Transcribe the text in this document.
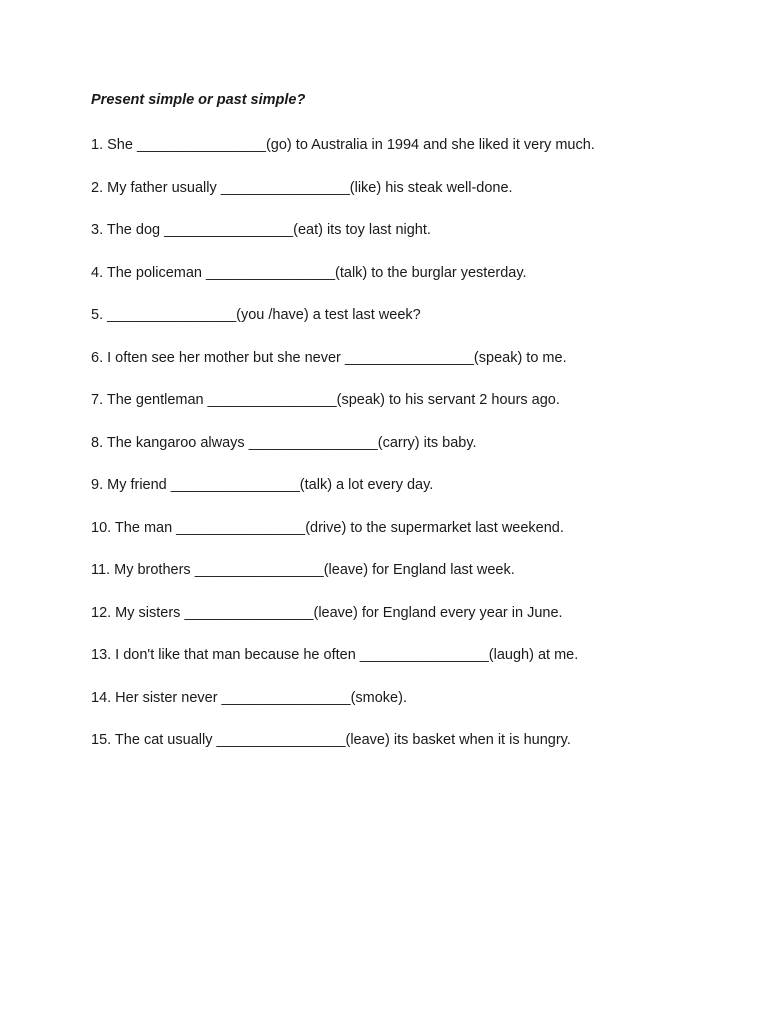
Present simple or past simple?
1. She ________________(go) to Australia in 1994 and she liked it very much.
2. My father usually ________________(like) his steak well-done.
3. The dog ________________(eat) its toy last night.
4. The policeman ________________(talk) to the burglar yesterday.
5. ________________(you /have) a test last week?
6. I often see her mother but she never ________________(speak) to me.
7. The gentleman ________________(speak) to his servant 2 hours ago.
8. The kangaroo always ________________(carry) its baby.
9. My friend ________________(talk) a lot every day.
10. The man ________________(drive) to the supermarket last weekend.
11. My brothers ________________(leave) for England last week.
12. My sisters ________________(leave) for England every year in June.
13. I don't like that man because he often ________________(laugh) at me.
14. Her sister never ________________(smoke).
15. The cat usually ________________(leave) its basket when it is hungry.
